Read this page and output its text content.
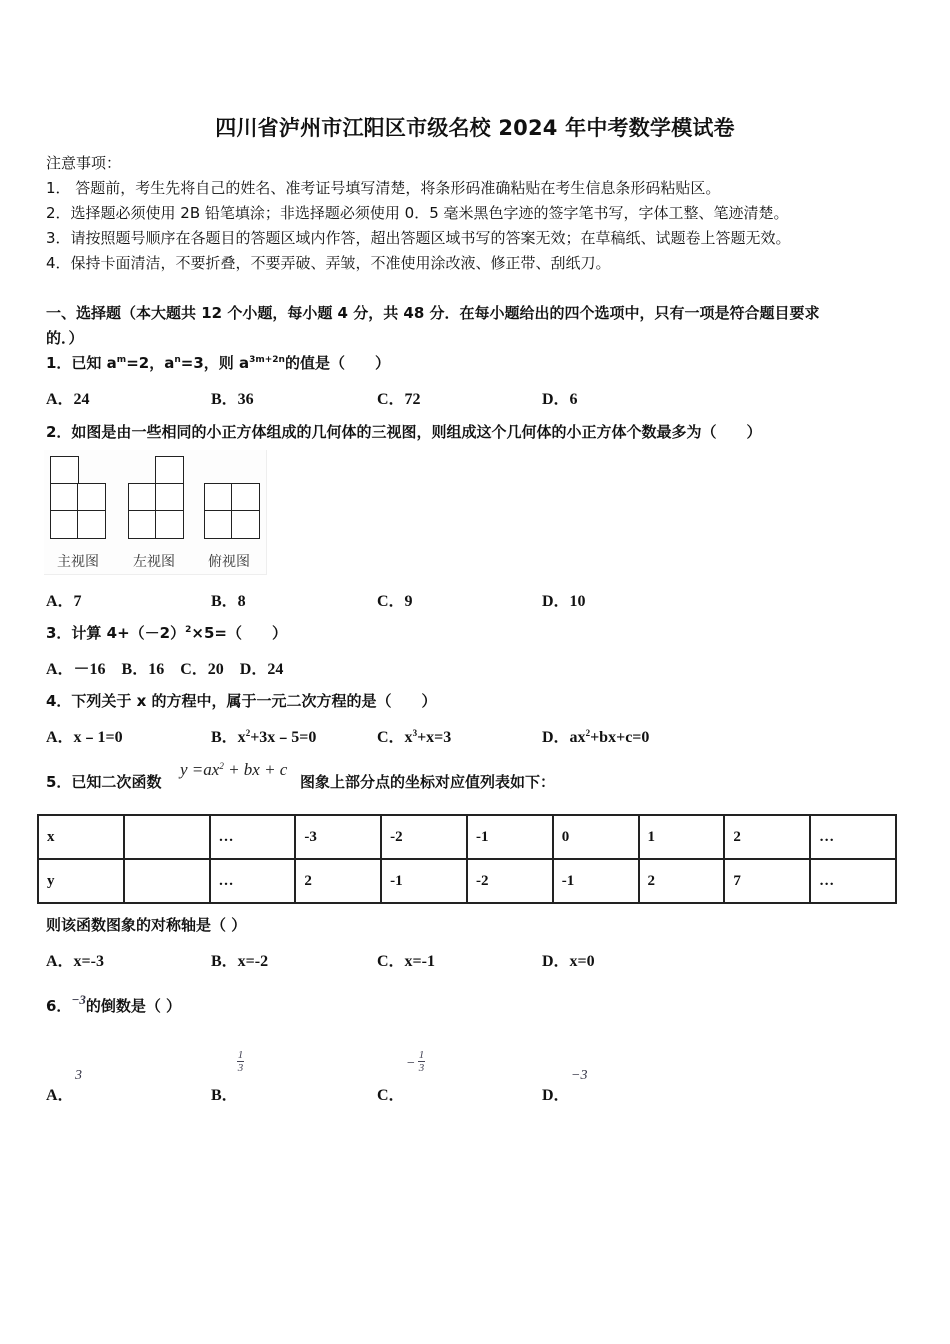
四川省泸州市江阳区市级名校 2024 年中考数学模试卷
注意事项：
1． 答题前，考生先将自己的姓名、准考证号填写清楚，将条形码准确粘贴在考生信息条形码粘贴区。
2．选择题必须使用 2B 铅笔填涂；非选择题必须使用 0．5 毫米黑色字迹的签字笔书写，字体工整、笔迹清楚。
3．请按照题号顺序在各题目的答题区域内作答，超出答题区域书写的答案无效；在草稿纸、试题卷上答题无效。
4．保持卡面清洁，不要折叠，不要弄破、弄皱，不准使用涂改液、修正带、刮纸刀。
一、选择题（本大题共 12 个小题，每小题 4 分，共 48 分．在每小题给出的四个选项中，只有一项是符合题目要求
的．）
1．已知 $a^m=2$，$a^n=3$，则 $a^{3m+2n}$的值是（　　）
A．24	B．36	C．72	D．6
2．如图是由一些相同的小正方体组成的几何体的三视图，则组成这个几何体的小正方体个数最多为（　　）
主视图 左视图 俯视图
A．7	B．8	C．9	D．10
3．计算 $4+(-2)^2\times 5=$（　　）
A．－16　B．16　C．20　D．24
4．下列关于 x 的方程中，属于一元二次方程的是（　　）
A．x﹣1=0	B．$x^2+3x﹣5=0$	C．$x^3+x=3$	D．$ax^2+bx+c=0$
5．已知二次函数
$y =ax^2$ + bx + c
图象上部分点的坐标对应值列表如下：
x		…	-3	-2	-1	0	1	2	…
y		…	2	-1	-2	-1	2	7	…
则该函数图象的对称轴是（ ）
A．x=-3	B．x=-2	C．x=-1	D．x=0
6．−3的倒数是（ ）
A．
3
B．
1
3
C．
−
1
3
D．
−3
